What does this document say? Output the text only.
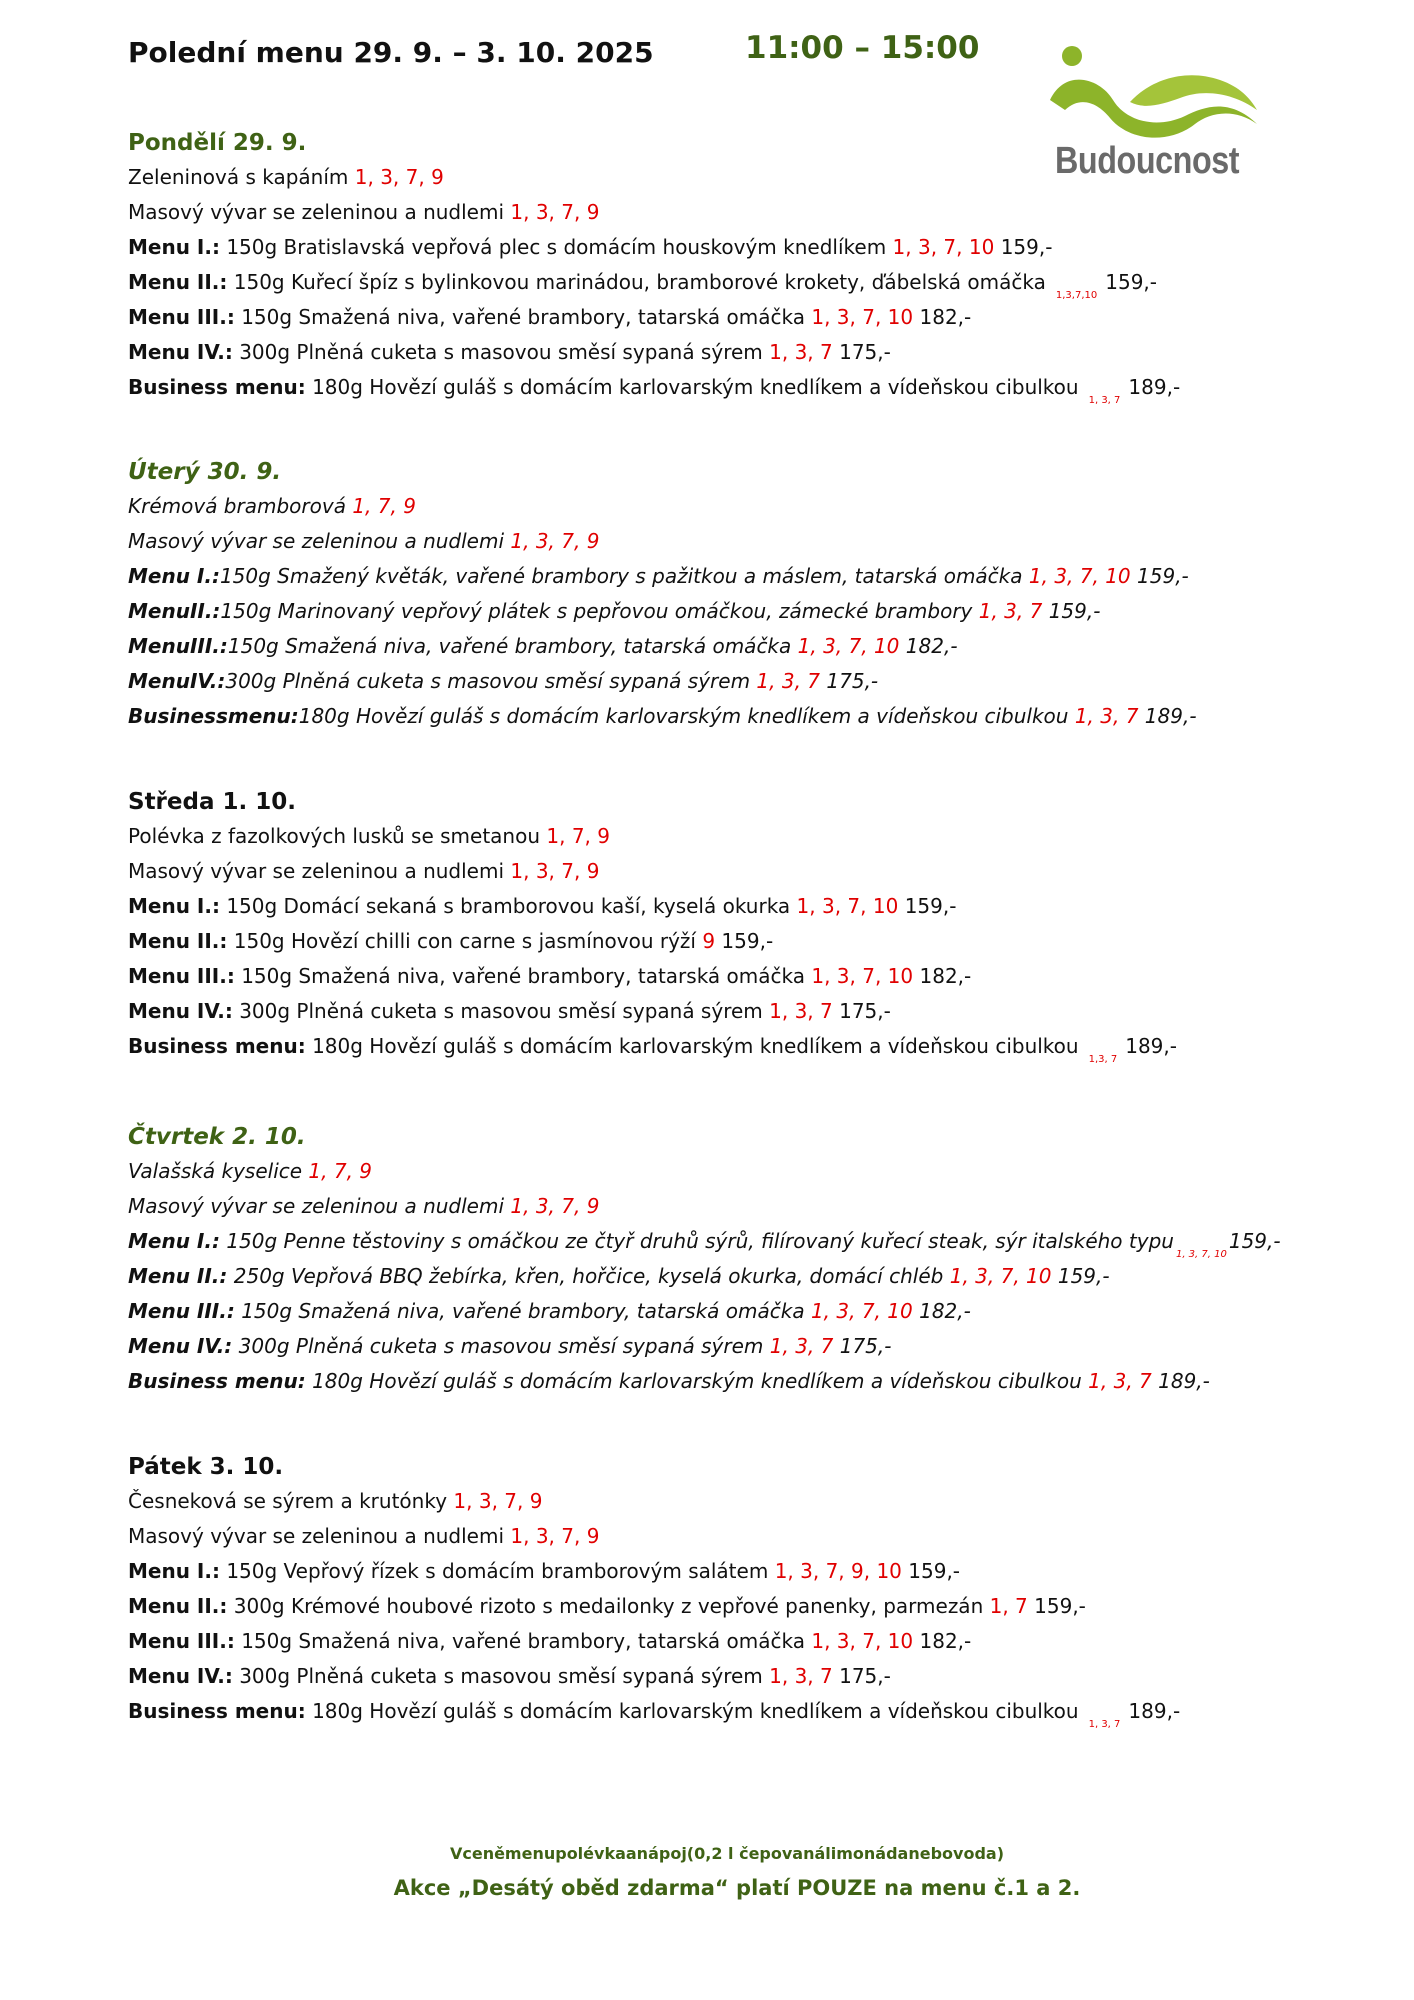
Polední menu 29. 9. – 3. 10. 2025	11:00 – 15:00
Budoucnost
Pondělí 29. 9.
Zeleninová s kapáním 1, 3, 7, 9
Masový vývar se zeleninou a nudlemi 1, 3, 7, 9
Menu I.: 150g Bratislavská vepřová plec s domácím houskovým knedlíkem 1, 3, 7, 10 159,-
Menu II.: 150g Kuřecí špíz s bylinkovou marinádou, bramborové krokety, ďábelská omáčka$_{1,3,7,10}$159,-
Menu III.: 150g Smažená niva, vařené brambory, tatarská omáčka 1, 3, 7, 10 182,-
Menu IV.: 300g Plněná cuketa s masovou směsí sypaná sýrem 1, 3, 7 175,-
Business menu: 180g Hovězí guláš s domácím karlovarským knedlíkem a vídeňskou cibulkou$_{1, 3, 7}$189,-
Úterý 30. 9.
Krémová bramborová 1, 7, 9
Masový vývar se zeleninou a nudlemi 1, 3, 7, 9
Menu I.:150g Smažený květák, vařené brambory s pažitkou a máslem, tatarská omáčka 1, 3, 7, 10 159,-
MenuII.:150g Marinovaný vepřový plátek s pepřovou omáčkou, zámecké brambory 1, 3, 7 159,-
MenuIII.:150g Smažená niva, vařené brambory, tatarská omáčka 1, 3, 7, 10 182,-
MenuIV.:300g Plněná cuketa s masovou směsí sypaná sýrem 1, 3, 7 175,-
Businessmenu:180g Hovězí guláš s domácím karlovarským knedlíkem a vídeňskou cibulkou 1, 3, 7 189,-
Středa 1. 10.
Polévka z fazolkových lusků se smetanou 1, 7, 9
Masový vývar se zeleninou a nudlemi 1, 3, 7, 9
Menu I.: 150g Domácí sekaná s bramborovou kaší, kyselá okurka 1, 3, 7, 10 159,-
Menu II.: 150g Hovězí chilli con carne s jasmínovou rýží 9 159,-
Menu III.: 150g Smažená niva, vařené brambory, tatarská omáčka 1, 3, 7, 10 182,-
Menu IV.: 300g Plněná cuketa s masovou směsí sypaná sýrem 1, 3, 7 175,-
Business menu: 180g Hovězí guláš s domácím karlovarským knedlíkem a vídeňskou cibulkou$_{1,3, 7}$189,-
Čtvrtek 2. 10.
Valašská kyselice 1, 7, 9
Masový vývar se zeleninou a nudlemi 1, 3, 7, 9
Menu I.: 150g Penne těstoviny s omáčkou ze čtyř druhů sýrů, filírovaný kuřecí steak, sýr italského typu$_{1, 3, 7, 10}$159,-
Menu II.: 250g Vepřová BBQ žebírka, křen, hořčice, kyselá okurka, domácí chléb 1, 3, 7, 10 159,-
Menu III.: 150g Smažená niva, vařené brambory, tatarská omáčka 1, 3, 7, 10 182,-
Menu IV.: 300g Plněná cuketa s masovou směsí sypaná sýrem 1, 3, 7 175,-
Business menu: 180g Hovězí guláš s domácím karlovarským knedlíkem a vídeňskou cibulkou 1, 3, 7 189,-
Pátek 3. 10.
Česneková se sýrem a krutónky 1, 3, 7, 9
Masový vývar se zeleninou a nudlemi 1, 3, 7, 9
Menu I.: 150g Vepřový řízek s domácím bramborovým salátem 1, 3, 7, 9, 10 159,-
Menu II.: 300g Krémové houbové rizoto s medailonky z vepřové panenky, parmezán 1, 7 159,-
Menu III.: 150g Smažená niva, vařené brambory, tatarská omáčka 1, 3, 7, 10 182,-
Menu IV.: 300g Plněná cuketa s masovou směsí sypaná sýrem 1, 3, 7 175,-
Business menu: 180g Hovězí guláš s domácím karlovarským knedlíkem a vídeňskou cibulkou$_{1, 3, 7}$189,-
Vceněmenupolévkaanápoj(0,2 l čepovanálimonádanebovoda)
Akce „Desátý oběd zdarma“ platí POUZE na menu č.1 a 2.
